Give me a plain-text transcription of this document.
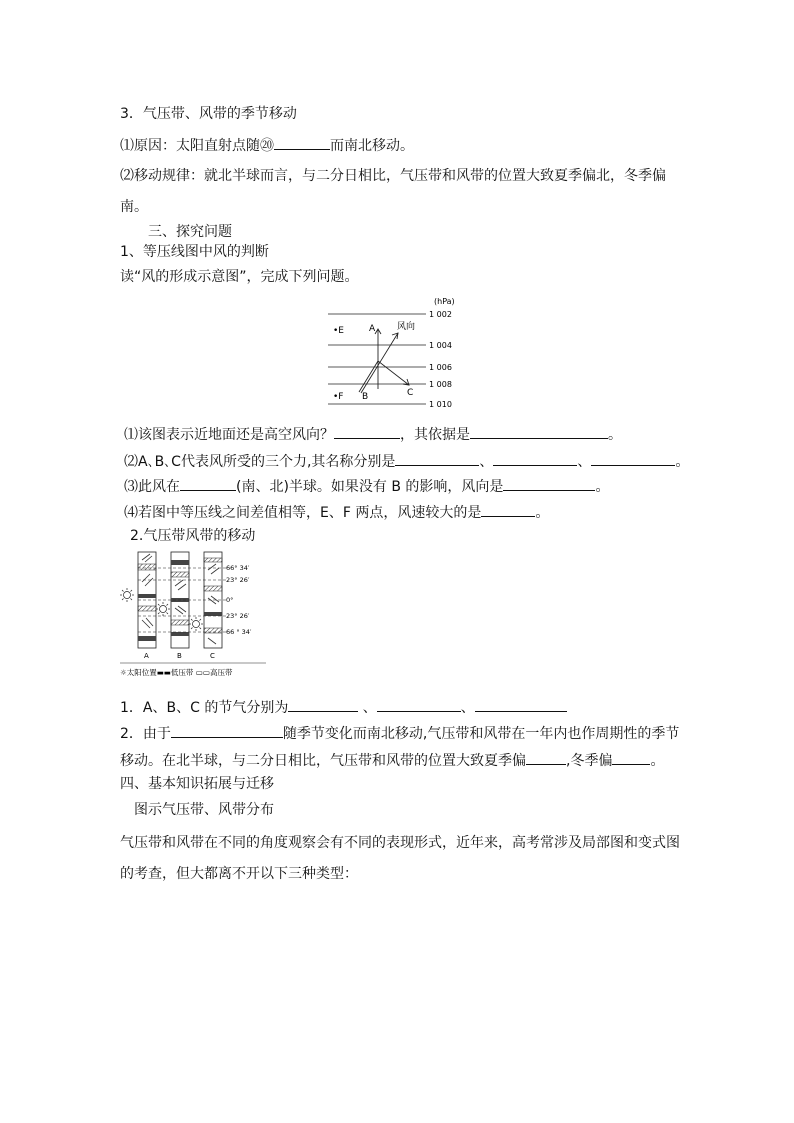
3．气压带、风带的季节移动
⑴原因：太阳直射点随⑳	而南北移动。
⑵移动规律：就北半球而言，与二分日相比，气压带和风带的位置大致夏季偏北，冬季偏
南。
三、探究问题
1、等压线图中风的判断
读“风的形成示意图”，完成下列问题。
(hPa)
1 002
1 004
1 006
1 008
1 010
•E
•F
A
B	C
风向
⑴该图表示近地面还是高空风向？	，其依据是	。
⑵A､B､C代表风所受的三个力,其名称分别是	、	、	。
⑶此风在	(南、北)半球。如果没有 B 的影响，风向是	。
⑷若图中等压线之间差值相等，E、F 两点，风速较大的是	。
2.气压带风带的移动
66° 34′
23° 26′
0°
23° 26′
66 ° 34′
A	B	C
☼太阳位置▬▬低压带 ▭▭高压带
1．A、B、C 的节气分别为	、	、
2．由于	随季节变化而南北移动,气压带和风带在一年内也作周期性的季节
移动。在北半球，与二分日相比，气压带和风带的位置大致夏季偏	,冬季偏	。
四、基本知识拓展与迁移
图示气压带、风带分布
气压带和风带在不同的角度观察会有不同的表现形式，近年来，高考常涉及局部图和变式图
的考查，但大都离不开以下三种类型：
